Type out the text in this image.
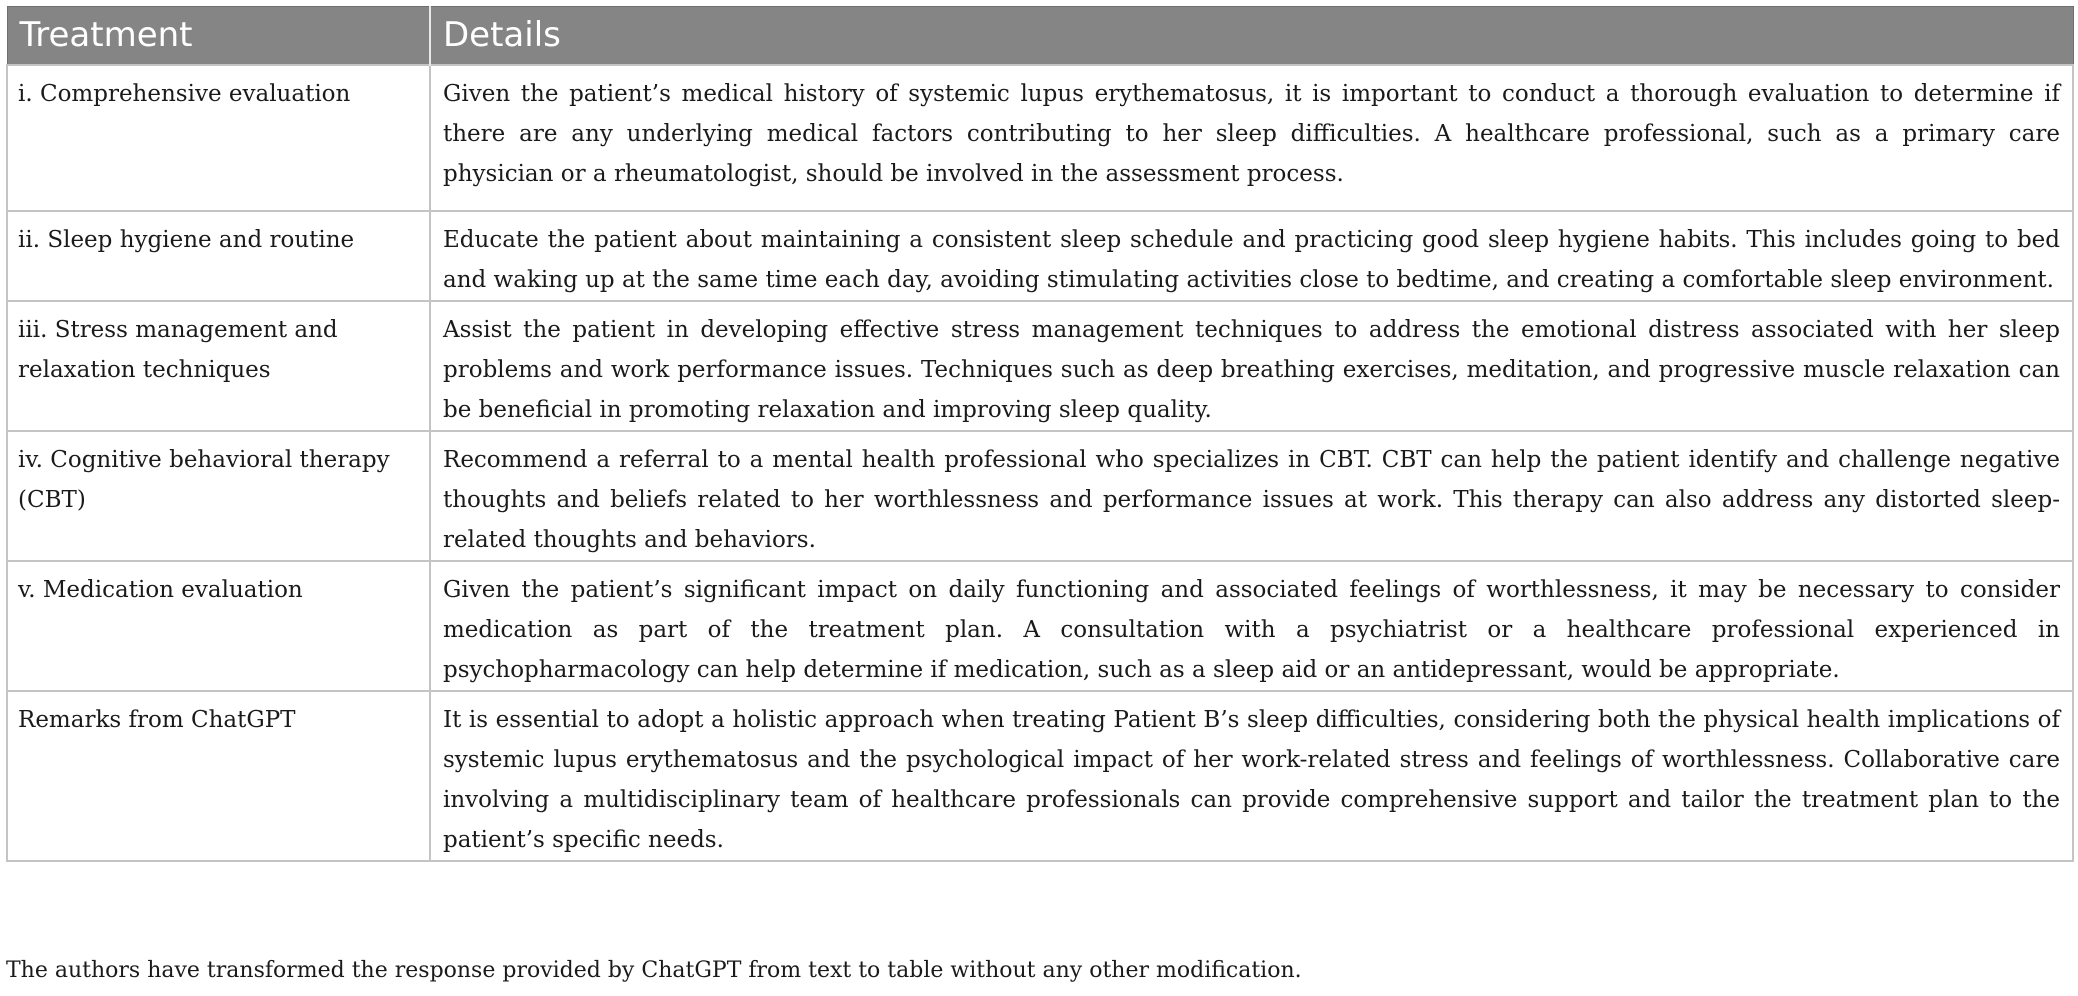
Treatment	Details
i. Comprehensive evaluation	Given the patient’s medical history of systemic lupus erythematosus, it is important to conduct a thorough evaluation to determine if there are any underlying medical factors contributing to her sleep difficulties. A healthcare professional, such as a primary care physician or a rheumatologist, should be involved in the assessment process.
ii. Sleep hygiene and routine	Educate the patient about maintaining a consistent sleep schedule and practicing good sleep hygiene habits. This includes going to bed and waking up at the same time each day, avoiding stimulating activities close to bedtime, and creating a comfortable sleep environment.
iii. Stress management and relaxation techniques	Assist the patient in developing effective stress management techniques to address the emotional distress associated with her sleep problems and work performance issues. Techniques such as deep breathing exercises, meditation, and progressive muscle relaxation can be beneficial in promoting relaxation and improving sleep quality.
iv. Cognitive behavioral therapy (CBT)	Recommend a referral to a mental health professional who specializes in CBT. CBT can help the patient identify and challenge negative thoughts and beliefs related to her worthlessness and performance issues at work. This therapy can also address any distorted sleep-related thoughts and behaviors.
v. Medication evaluation	Given the patient’s significant impact on daily functioning and associated feelings of worthlessness, it may be necessary to consider medication as part of the treatment plan. A consultation with a psychiatrist or a healthcare professional experienced in psychopharmacology can help determine if medication, such as a sleep aid or an antidepressant, would be appropriate.
Remarks from ChatGPT	It is essential to adopt a holistic approach when treating Patient B’s sleep difficulties, considering both the physical health implications of systemic lupus erythematosus and the psychological impact of her work-related stress and feelings of worthlessness. Collaborative care involving a multidisciplinary team of healthcare professionals can provide comprehensive support and tailor the treatment plan to the patient’s specific needs.
The authors have transformed the response provided by ChatGPT from text to table without any other modification.
